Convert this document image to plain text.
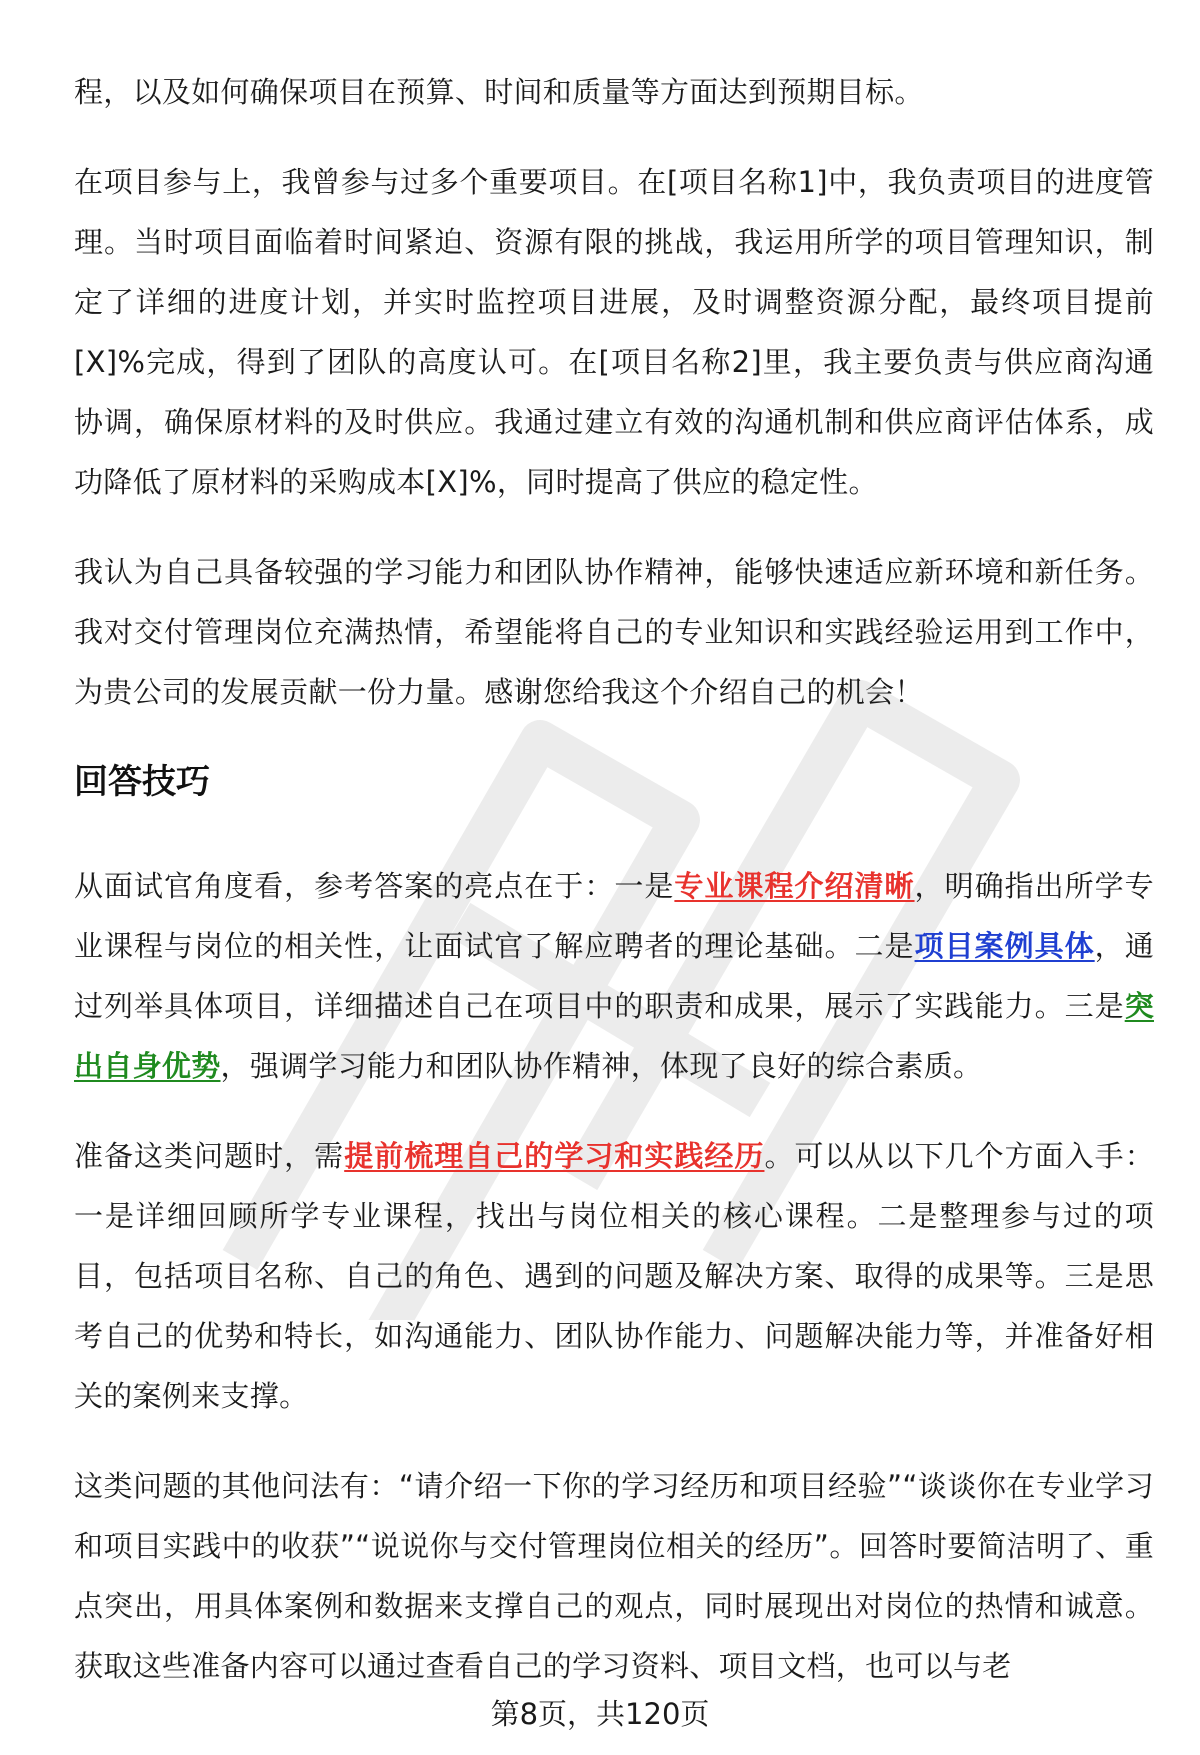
程，以及如何确保项目在预算、时间和质量等方面达到预期目标。

在项目参与上，我曾参与过多个重要项目。在[项目名称1]中，我负责项目的进度管理。当时项目面临着时间紧迫、资源有限的挑战，我运用所学的项目管理知识，制定了详细的进度计划，并实时监控项目进展，及时调整资源分配，最终项目提前[X]%完成，得到了团队的高度认可。在[项目名称2]里，我主要负责与供应商沟通协调，确保原材料的及时供应。我通过建立有效的沟通机制和供应商评估体系，成功降低了原材料的采购成本[X]%，同时提高了供应的稳定性。

我认为自己具备较强的学习能力和团队协作精神，能够快速适应新环境和新任务。我对交付管理岗位充满热情，希望能将自己的专业知识和实践经验运用到工作中，为贵公司的发展贡献一份力量。感谢您给我这个介绍自己的机会！

回答技巧

从面试官角度看，参考答案的亮点在于：一是专业课程介绍清晰，明确指出所学专业课程与岗位的相关性，让面试官了解应聘者的理论基础。二是项目案例具体，通过列举具体项目，详细描述自己在项目中的职责和成果，展示了实践能力。三是突出自身优势，强调学习能力和团队协作精神，体现了良好的综合素质。

准备这类问题时，需提前梳理自己的学习和实践经历。可以从以下几个方面入手：一是详细回顾所学专业课程，找出与岗位相关的核心课程。二是整理参与过的项目，包括项目名称、自己的角色、遇到的问题及解决方案、取得的成果等。三是思考自己的优势和特长，如沟通能力、团队协作能力、问题解决能力等，并准备好相关的案例来支撑。

这类问题的其他问法有：“请介绍一下你的学习经历和项目经验”“谈谈你在专业学习和项目实践中的收获”“说说你与交付管理岗位相关的经历”。回答时要简洁明了、重点突出，用具体案例和数据来支撑自己的观点，同时展现出对岗位的热情和诚意。获取这些准备内容可以通过查看自己的学习资料、项目文档，也可以与老

第8页，共120页
